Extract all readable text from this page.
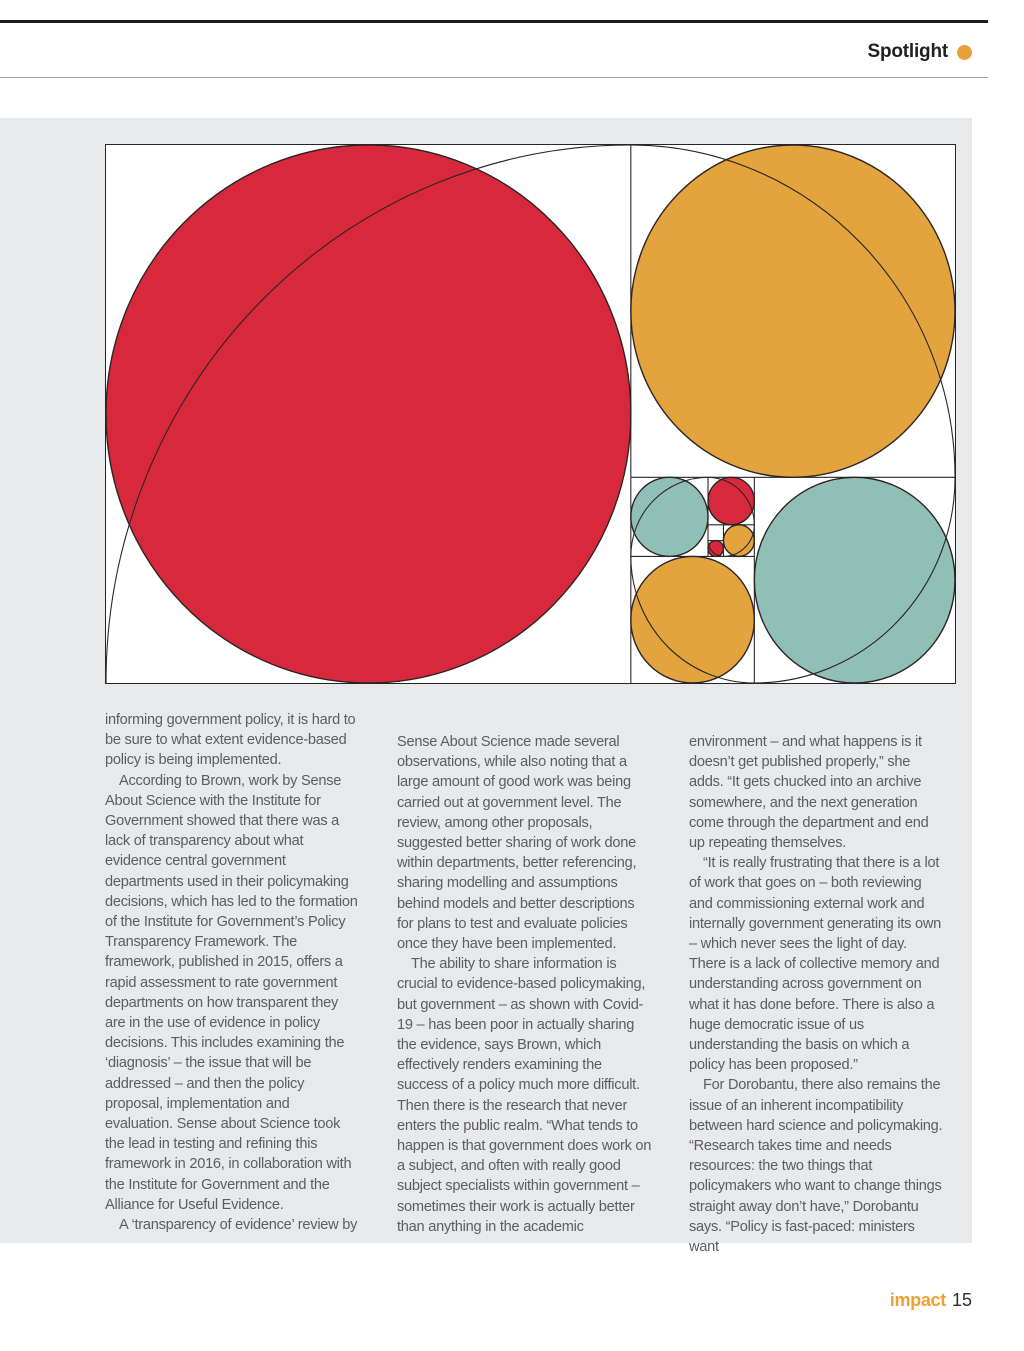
Spotlight

informing government policy, it is hard to be sure to what extent evidence-based policy is being implemented.

According to Brown, work by Sense About Science with the Institute for Government showed that there was a lack of transparency about what evidence central government departments used in their policymaking decisions, which has led to the formation of the Institute for Government’s Policy Transparency Framework. The framework, published in 2015, offers a rapid assessment to rate government departments on how transparent they are in the use of evidence in policy decisions. This includes examining the ‘diagnosis’ – the issue that will be addressed – and then the policy proposal, implementation and evaluation. Sense about Science took the lead in testing and refining this framework in 2016, in collaboration with the Institute for Government and the Alliance for Useful Evidence.

A ‘transparency of evidence’ review by

Sense About Science made several observations, while also noting that a large amount of good work was being carried out at government level. The review, among other proposals, suggested better sharing of work done within departments, better referencing, sharing modelling and assumptions behind models and better descriptions for plans to test and evaluate policies once they have been implemented.

The ability to share information is crucial to evidence-based policymaking, but government – as shown with Covid-19 – has been poor in actually sharing the evidence, says Brown, which effectively renders examining the success of a policy much more difficult. Then there is the research that never enters the public realm. “What tends to happen is that government does work on a subject, and often with really good subject specialists within government – sometimes their work is actually better than anything in the academic

environment – and what happens is it doesn’t get published properly,” she adds. “It gets chucked into an archive somewhere, and the next generation come through the department and end up repeating themselves.

“It is really frustrating that there is a lot of work that goes on – both reviewing and commissioning external work and internally government generating its own – which never sees the light of day. There is a lack of collective memory and understanding across government on what it has done before. There is also a huge democratic issue of us understanding the basis on which a policy has been proposed.”

For Dorobantu, there also remains the issue of an inherent incompatibility between hard science and policymaking. “Research takes time and needs resources: the two things that policymakers who want to change things straight away don’t have,” Dorobantu says. “Policy is fast-paced: ministers want

impact 15
